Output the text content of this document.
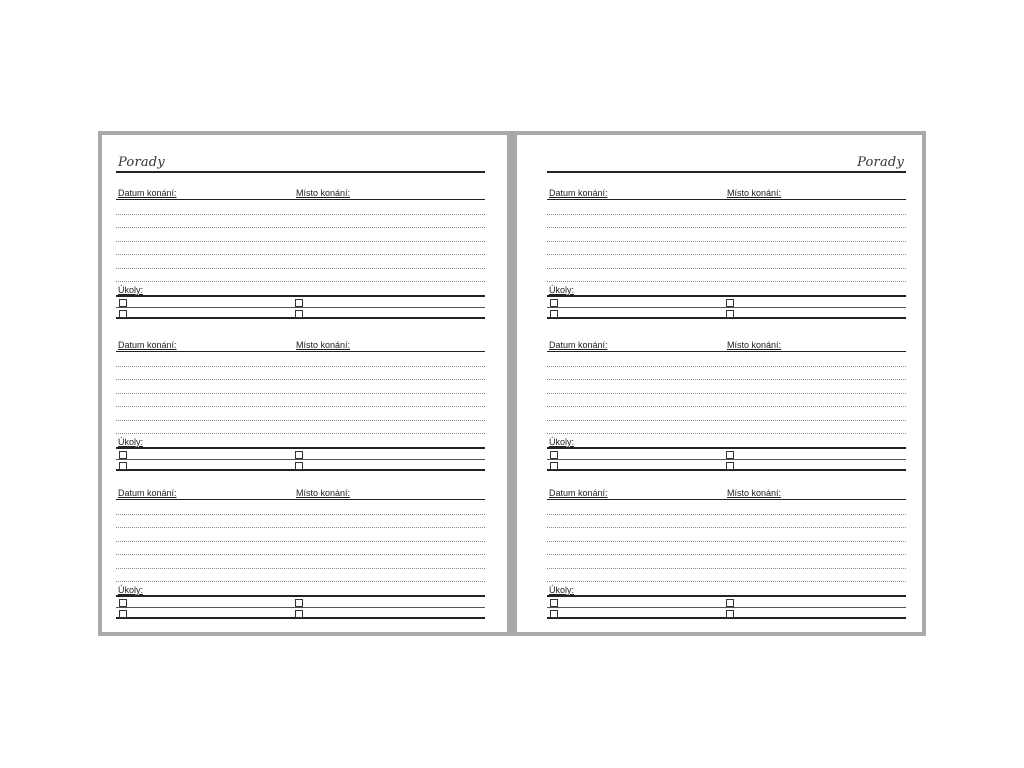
Porady
Datum konání:	Místo konání:
Úkoly:
Datum konání:	Místo konání:
Úkoly:
Datum konání:	Místo konání:
Úkoly:
Porady
Datum konání:	Místo konání:
Úkoly:
Datum konání:	Místo konání:
Úkoly:
Datum konání:	Místo konání:
Úkoly:
